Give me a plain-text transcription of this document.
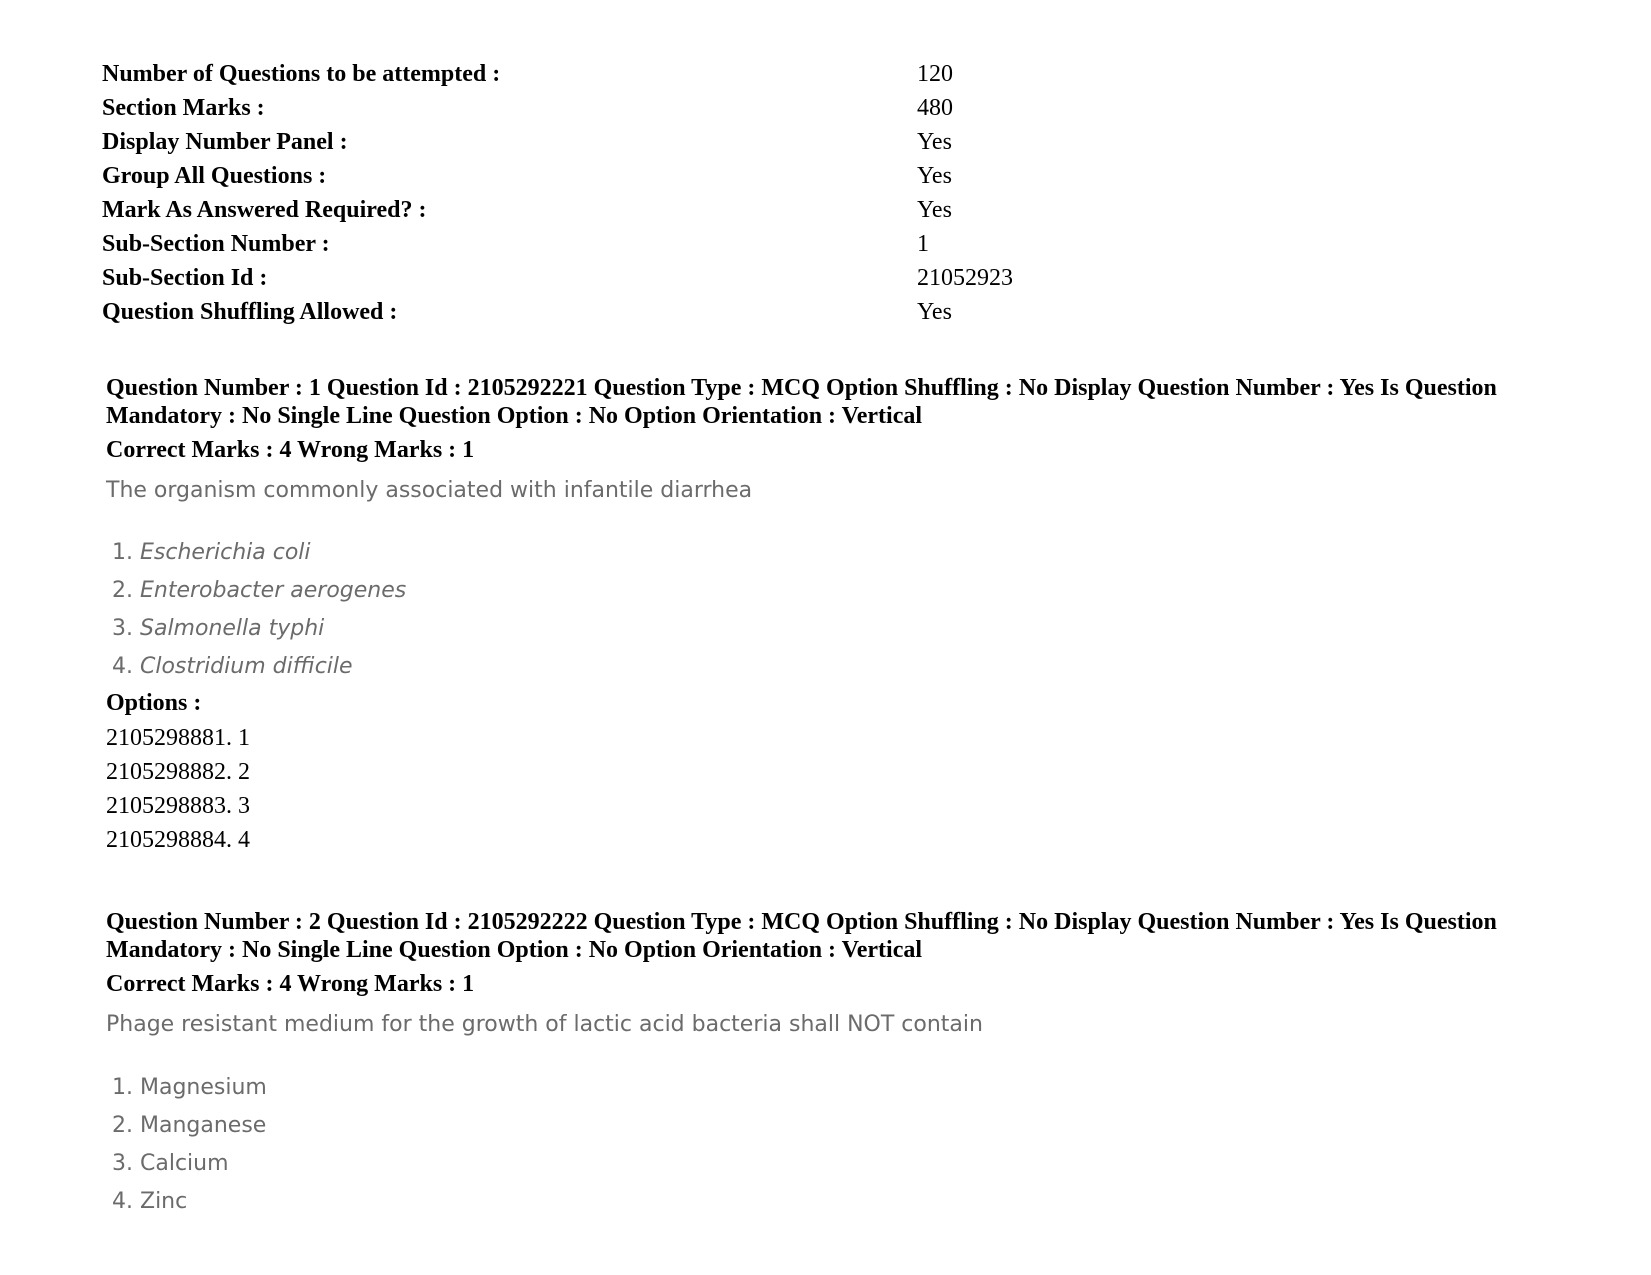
Number of Questions to be attempted :	120
Section Marks :	480
Display Number Panel :	Yes
Group All Questions :	Yes
Mark As Answered Required? :	Yes
Sub-Section Number :	1
Sub-Section Id :	21052923
Question Shuffling Allowed :	Yes
Question Number : 1 Question Id : 2105292221 Question Type : MCQ Option Shuffling : No Display Question Number : Yes Is Question
Mandatory : No Single Line Question Option : No Option Orientation : Vertical
Correct Marks : 4 Wrong Marks : 1
The organism commonly associated with infantile diarrhea
1. Escherichia coli
2. Enterobacter aerogenes
3. Salmonella typhi
4. Clostridium difficile
Options :
2105298881. 1
2105298882. 2
2105298883. 3
2105298884. 4
Question Number : 2 Question Id : 2105292222 Question Type : MCQ Option Shuffling : No Display Question Number : Yes Is Question
Mandatory : No Single Line Question Option : No Option Orientation : Vertical
Correct Marks : 4 Wrong Marks : 1
Phage resistant medium for the growth of lactic acid bacteria shall NOT contain
1. Magnesium
2. Manganese
3. Calcium
4. Zinc
